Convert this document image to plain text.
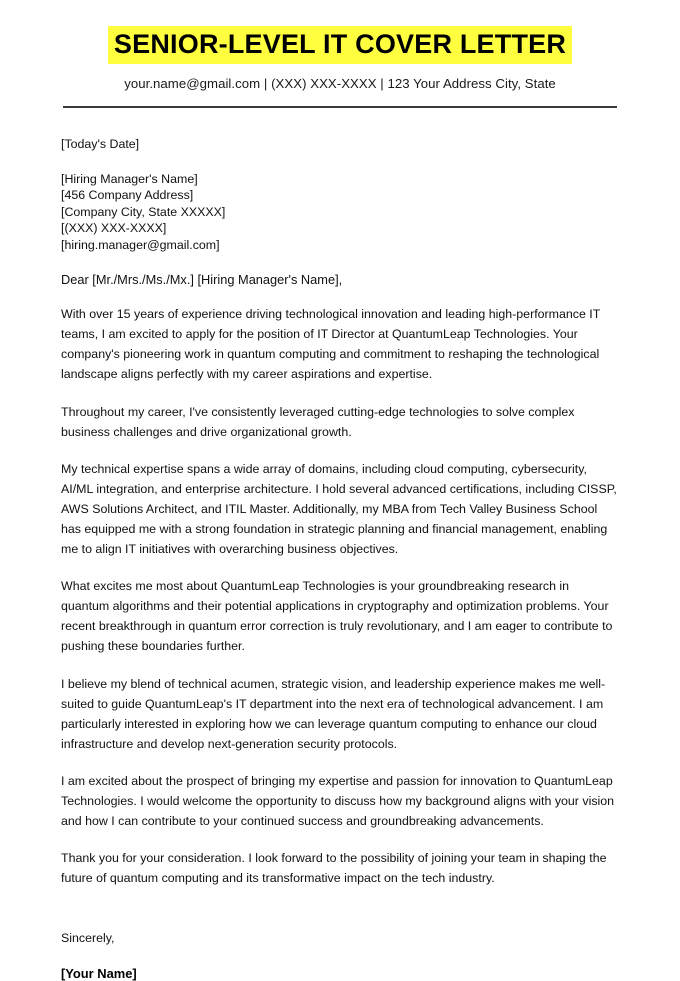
SENIOR-LEVEL IT COVER LETTER
your.name@gmail.com | (XXX) XXX-XXXX | 123 Your Address City, State
[Today's Date]
[Hiring Manager's Name]
[456 Company Address]
[Company City, State XXXXX]
[(XXX) XXX-XXXX]
[hiring.manager@gmail.com]
Dear [Mr./Mrs./Ms./Mx.] [Hiring Manager's Name],

With over 15 years of experience driving technological innovation and leading high-performance IT teams, I am excited to apply for the position of IT Director at QuantumLeap Technologies. Your company's pioneering work in quantum computing and commitment to reshaping the technological landscape aligns perfectly with my career aspirations and expertise.

Throughout my career, I've consistently leveraged cutting-edge technologies to solve complex business challenges and drive organizational growth.

My technical expertise spans a wide array of domains, including cloud computing, cybersecurity, AI/ML integration, and enterprise architecture. I hold several advanced certifications, including CISSP, AWS Solutions Architect, and ITIL Master. Additionally, my MBA from Tech Valley Business School has equipped me with a strong foundation in strategic planning and financial management, enabling me to align IT initiatives with overarching business objectives.

What excites me most about QuantumLeap Technologies is your groundbreaking research in quantum algorithms and their potential applications in cryptography and optimization problems. Your recent breakthrough in quantum error correction is truly revolutionary, and I am eager to contribute to pushing these boundaries further.

I believe my blend of technical acumen, strategic vision, and leadership experience makes me well-suited to guide QuantumLeap's IT department into the next era of technological advancement. I am particularly interested in exploring how we can leverage quantum computing to enhance our cloud infrastructure and develop next-generation security protocols.

I am excited about the prospect of bringing my expertise and passion for innovation to QuantumLeap Technologies. I would welcome the opportunity to discuss how my background aligns with your vision and how I can contribute to your continued success and groundbreaking advancements.

Thank you for your consideration. I look forward to the possibility of joining your team in shaping the future of quantum computing and its transformative impact on the tech industry.

Sincerely,
[Your Name]
